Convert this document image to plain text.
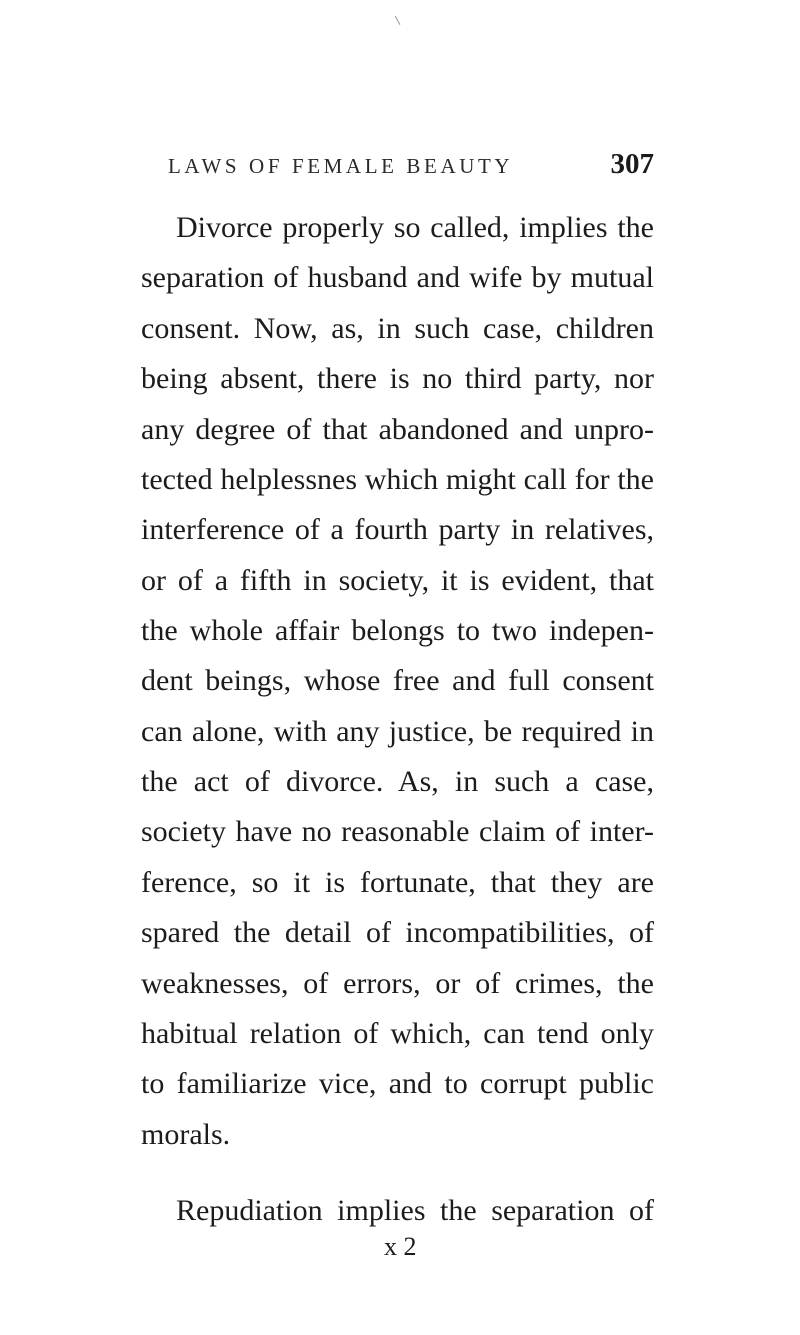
\
LAWS OF FEMALE BEAUTY	307

Divorce properly so called, implies the

separation of husband and wife by mutual

consent. Now, as, in such case, children

being absent, there is no third party, nor

any degree of that abandoned and unpro-

tected helplessnes which might call for the

interference of a fourth party in relatives,

or of a fifth in society, it is evident, that

the whole affair belongs to two indepen-

dent beings, whose free and full consent

can alone, with any justice, be required in

the act of divorce. As, in such a case,

society have no reasonable claim of inter-

ference, so it is fortunate, that they are

spared the detail of incompatibilities, of

weaknesses, of errors, or of crimes, the

habitual relation of which, can tend only

to familiarize vice, and to corrupt public

morals.

Repudiation implies the separation of

x 2
